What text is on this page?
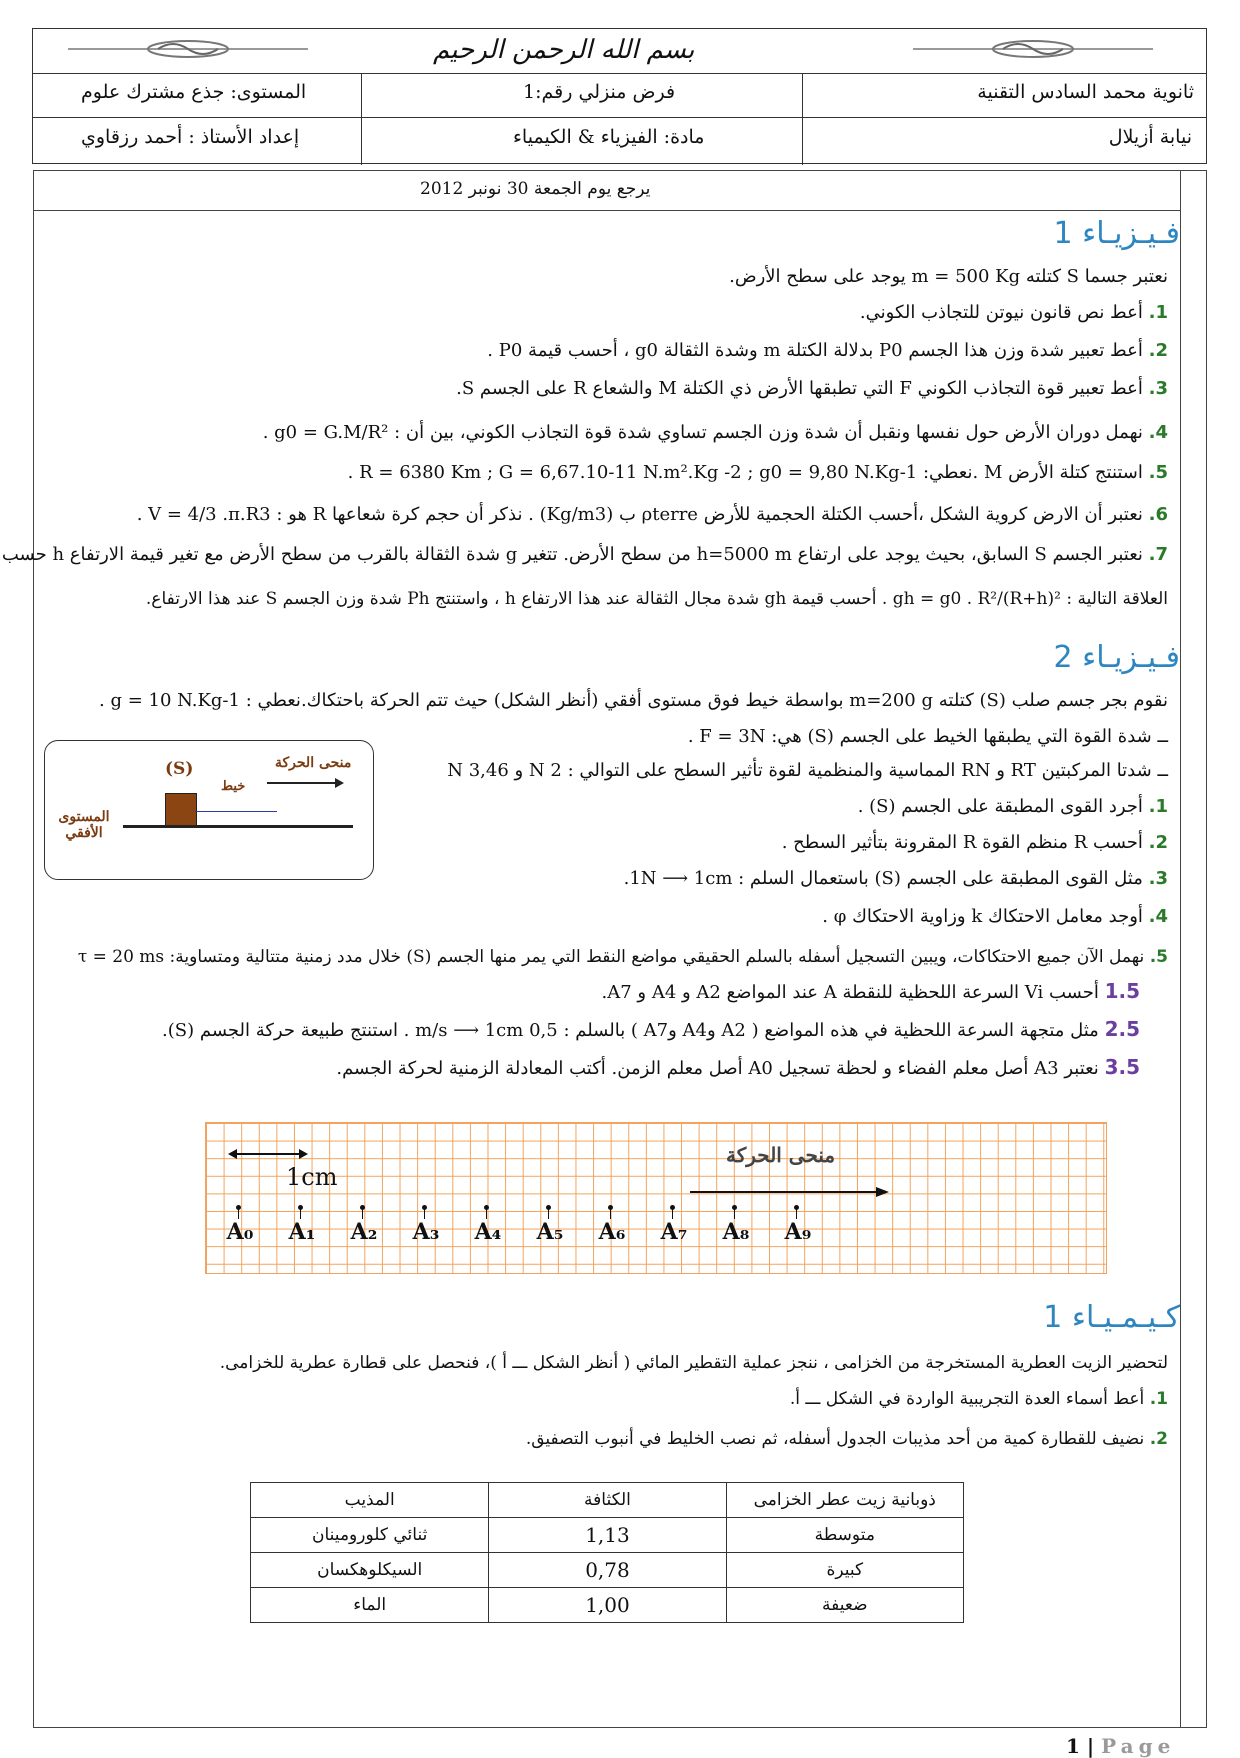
بسم الله الرحمن الرحيم
ثانوية محمد السادس التقنية
فرض منزلي رقم:1
المستوى: جذع مشترك علوم
نيابة أزيلال
مادة: الفيزياء & الكيمياء
إعداد الأستاذ : أحمد رزقاوي
يرجع يوم الجمعة 30 نونبر 2012
فـيـزيـاء 1
نعتبر جسما S كتلته m = 500 Kg يوجد على سطح الأرض.
1. أعط نص قانون نيوتن للتجاذب الكوني.
2. أعط تعبير شدة وزن هذا الجسم P0 بدلالة الكتلة m وشدة الثقالة g0 ، أحسب قيمة P0 .
3. أعط تعبير قوة التجاذب الكوني F التي تطبقها الأرض ذي الكتلة M والشعاع R على الجسم S.
4. نهمل دوران الأرض حول نفسها ونقبل أن شدة وزن الجسم تساوي شدة قوة التجاذب الكوني، بين أن : g0 = G.M/R² .
5. استنتج كتلة الأرض M .نعطي: R = 6380 Km ; G = 6,67.10-11 N.m².Kg -2 ; g0 = 9,80 N.Kg-1 .
6. نعتبر أن الارض كروية الشكل ،أحسب الكتلة الحجمية للأرض ρterre ب (Kg/m3) . نذكر أن حجم كرة شعاعها R هو : V = 4/3 .π.R3 .
7. نعتبر الجسم S السابق، بحيث يوجد على ارتفاع h=5000 m من سطح الأرض. تتغير g شدة الثقالة بالقرب من سطح الأرض مع تغير قيمة الارتفاع h حسب
العلاقة التالية : gh = g0 . R²/(R+h)² . أحسب قيمة gh شدة مجال الثقالة عند هذا الارتفاع h ، واستنتج Ph شدة وزن الجسم S عند هذا الارتفاع.
فـيـزيـاء 2
نقوم بجر جسم صلب (S) كتلته m=200 g بواسطة خيط فوق مستوى أفقي (أنظر الشكل) حيث تتم الحركة باحتكاك.نعطي : g = 10 N.Kg-1 .
ــ شدة القوة التي يطبقها الخيط على الجسم (S) هي: F = 3N .
ــ شدتا المركبتين RT و RN المماسية والمنظمية لقوة تأثير السطح على التوالي : 2 N و 3,46 N
1. أجرد القوى المطبقة على الجسم (S) .
2. أحسب R منظم القوة R المقرونة بتأثير السطح .
3. مثل القوى المطبقة على الجسم (S) باستعمال السلم : 1N ⟶ 1cm.
4. أوجد معامل الاحتكاك k وزاوية الاحتكاك φ .
5. نهمل الآن جميع الاحتكاكات، ويبين التسجيل أسفله بالسلم الحقيقي مواضع النقط التي يمر منها الجسم (S) خلال مدد زمنية متتالية ومتساوية: τ = 20 ms
1.5 أحسب Vi السرعة اللحظية للنقطة A عند المواضع A2 و A4 و A7.
2.5 مثل متجهة السرعة اللحظية في هذه المواضع ( A2 وA4 وA7 ) بالسلم : 0,5 m/s ⟶ 1cm . استنتج طبيعة حركة الجسم (S).
3.5 نعتبر A3 أصل معلم الفضاء و لحظة تسجيل A0 أصل معلم الزمن. أكتب المعادلة الزمنية لحركة الجسم.
(S)
خيط
منحى الحركة
المستوى الأفقي
1cm
منحى الحركة
A₀ A₁ A₂ A₃ A₄ A₅ A₆ A₇ A₈ A₉
كـيـمـيـاء 1
لتحضير الزيت العطرية المستخرجة من الخزامى ، ننجز عملية التقطير المائي ( أنظر الشكل ـــ أ )، فنحصل على قطارة عطرية للخزامى.
1. أعط أسماء العدة التجريبية الواردة في الشكل ـــ أ.
2. نضيف للقطارة كمية من أحد مذيبات الجدول أسفله، ثم نصب الخليط في أنبوب التصفيق.
ذوبانية زيت عطر الخزامى	الكثافة	المذيب
متوسطة	1,13	ثنائي كلورومينان
كبيرة	0,78	السيكلوهكسان
ضعيفة	1,00	الماء
1 | Page
